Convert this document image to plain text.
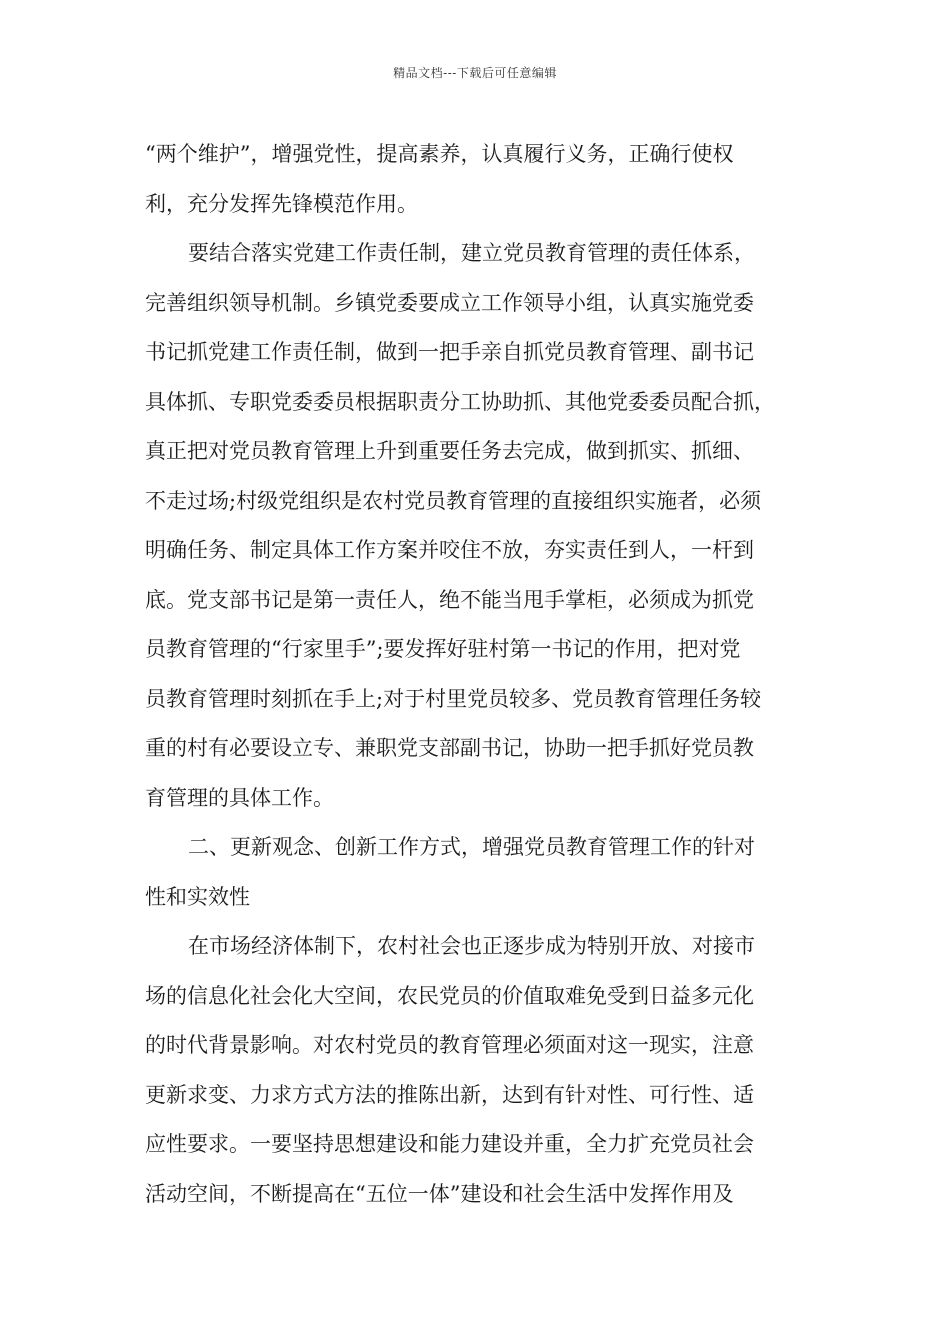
精品文档---下载后可任意编辑

“两个维护”，增强党性，提高素养，认真履行义务，正确行使权
利，充分发挥先锋模范作用。

要结合落实党建工作责任制，建立党员教育管理的责任体系，
完善组织领导机制。乡镇党委要成立工作领导小组，认真实施党委
书记抓党建工作责任制，做到一把手亲自抓党员教育管理、副书记
具体抓、专职党委委员根据职责分工协助抓、其他党委委员配合抓，
真正把对党员教育管理上升到重要任务去完成，做到抓实、抓细、
不走过场;村级党组织是农村党员教育管理的直接组织实施者，必须
明确任务、制定具体工作方案并咬住不放，夯实责任到人，一杆到
底。党支部书记是第一责任人，绝不能当甩手掌柜，必须成为抓党
员教育管理的“行家里手”;要发挥好驻村第一书记的作用，把对党
员教育管理时刻抓在手上;对于村里党员较多、党员教育管理任务较
重的村有必要设立专、兼职党支部副书记，协助一把手抓好党员教
育管理的具体工作。

二、更新观念、创新工作方式，增强党员教育管理工作的针对
性和实效性

在市场经济体制下，农村社会也正逐步成为特别开放、对接市
场的信息化社会化大空间，农民党员的价值取难免受到日益多元化
的时代背景影响。对农村党员的教育管理必须面对这一现实，注意
更新求变、力求方式方法的推陈出新，达到有针对性、可行性、适
应性要求。一要坚持思想建设和能力建设并重，全力扩充党员社会
活动空间，不断提高在“五位一体”建设和社会生活中发挥作用及
